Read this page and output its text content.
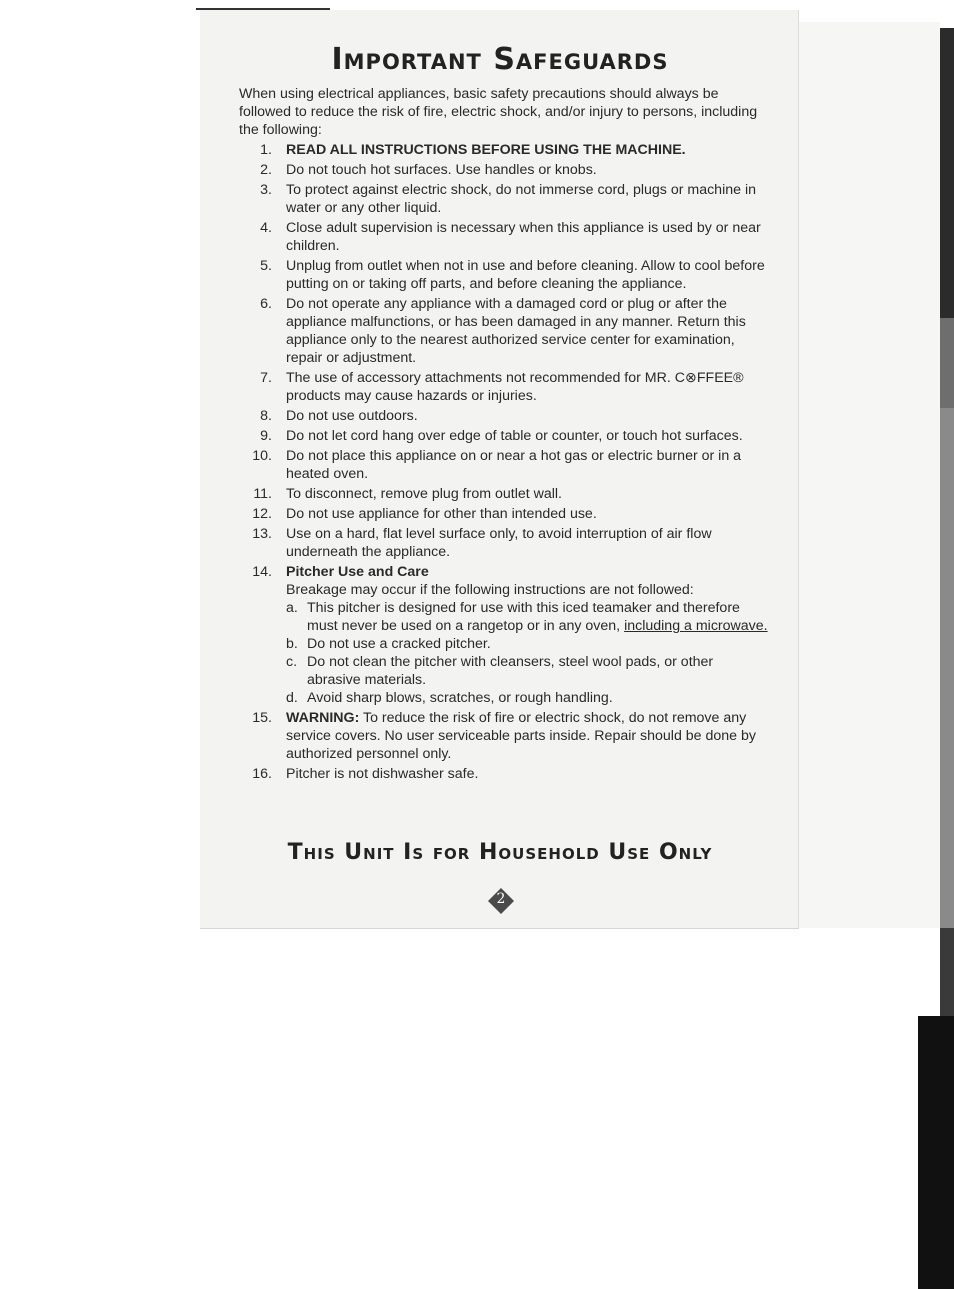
Important Safeguards
When using electrical appliances, basic safety precautions should always be followed to reduce the risk of fire, electric shock, and/or injury to persons, including the following:
1. READ ALL INSTRUCTIONS BEFORE USING THE MACHINE.
2. Do not touch hot surfaces. Use handles or knobs.
3. To protect against electric shock, do not immerse cord, plugs or machine in water or any other liquid.
4. Close adult supervision is necessary when this appliance is used by or near children.
5. Unplug from outlet when not in use and before cleaning. Allow to cool before putting on or taking off parts, and before cleaning the appliance.
6. Do not operate any appliance with a damaged cord or plug or after the appliance malfunctions, or has been damaged in any manner. Return this appliance only to the nearest authorized service center for examination, repair or adjustment.
7. The use of accessory attachments not recommended for MR. C⊗FFEE® products may cause hazards or injuries.
8. Do not use outdoors.
9. Do not let cord hang over edge of table or counter, or touch hot surfaces.
10. Do not place this appliance on or near a hot gas or electric burner or in a heated oven.
11. To disconnect, remove plug from outlet wall.
12. Do not use appliance for other than intended use.
13. Use on a hard, flat level surface only, to avoid interruption of air flow underneath the appliance.
14. Pitcher Use and Care
Breakage may occur if the following instructions are not followed:
a. This pitcher is designed for use with this iced teamaker and therefore must never be used on a rangetop or in any oven, including a microwave.
b. Do not use a cracked pitcher.
c. Do not clean the pitcher with cleansers, steel wool pads, or other abrasive materials.
d. Avoid sharp blows, scratches, or rough handling.
15. WARNING: To reduce the risk of fire or electric shock, do not remove any service covers. No user serviceable parts inside. Repair should be done by authorized personnel only.
16. Pitcher is not dishwasher safe.
This Unit Is for Household Use Only
2
